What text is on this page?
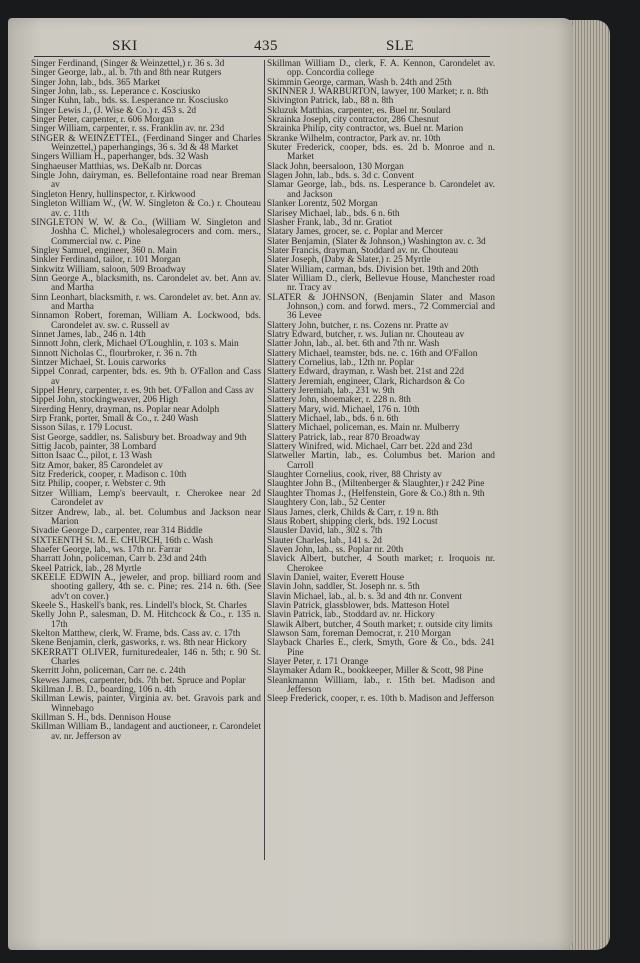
SKI	435	SLE
Singer Ferdinand, (Singer & Weinzettel,) r. 36 s. 3d
Singer George, lab., al. b. 7th and 8th near Rutgers
Singer John, lab., bds. 365 Market
Singer John, lab., ss. Leperance c. Kosciusko
Singer Kuhn, lab., bds. ss. Lesperance nr. Kosciusko
Singer Lewis J., (J. Wise & Co.) r. 453 s. 2d
Singer Peter, carpenter, r. 606 Morgan
Singer William, carpenter, r. ss. Franklin av. nr. 23d
SINGER & WEINZETTEL, (Ferdinand Singer and Charles Weinzettel,) paperhangings, 36 s. 3d & 48 Market
Singers William H., paperhanger, bds. 32 Wash
Singhaeuser Matthias, ws. DeKalb nr. Dorcas
Single John, dairyman, es. Bellefontaine road near Breman av
Singleton Henry, hullinspector, r. Kirkwood
Singleton William W., (W. W. Singleton & Co.) r. Chouteau av. c. 11th
SINGLETON W. W. & Co., (William W. Singleton and Joshha C. Michel,) wholesalegrocers and com. mers., Commercial nw. c. Pine
Singley Samuel, engineer, 360 n. Main
Sinkler Ferdinand, tailor, r. 101 Morgan
Sinkwitz William, saloon, 509 Broadway
Sinn George A., blacksmith, ns. Carondelet av. bet. Ann av. and Martha
Sinn Leonhart, blacksmith, r. ws. Carondelet av. bet. Ann av. and Martha
Sinnamon Robert, foreman, William A. Lockwood, bds. Carondelet av. sw. c. Russell av
Sinnet James, lab., 246 n. 14th
Sinnott John, clerk, Michael O'Loughlin, r. 103 s. Main
Sinnott Nicholas C., flourbroker, r. 36 n. 7th
Sintzer Michael, St. Louis carworks
Sippel Conrad, carpenter, bds. es. 9th b. O'Fallon and Cass av
Sippel Henry, carpenter, r. es. 9th bet. O'Fallon and Cass av
Sippel John, stockingweaver, 206 High
Sirerding Henry, drayman, ns. Poplar near Adolph
Sirp Frank, porter, Small & Co., r. 240 Wash
Sisson Silas, r. 179 Locust.
Sist George, saddler, ns. Salisbury bet. Broadway and 9th
Sittig Jacob, painter, 38 Lombard
Sitton Isaac C., pilot, r. 13 Wash
Sitz Amor, baker, 85 Carondelet av
Sitz Frederick, cooper, r. Madison c. 10th
Sitz Philip, cooper, r. Webster c. 9th
Sitzer William, Lemp's beervault, r. Cherokee near 2d Carondelet av
Sitzer Andrew, lab., al. bet. Columbus and Jackson near Marion
Sivadie George D., carpenter, rear 314 Biddle
SIXTEENTH St. M. E. CHURCH, 16th c. Wash
Shaefer George, lab., ws. 17th nr. Farrar
Sharratt John, policeman, Carr b. 23d and 24th
Skeel Patrick, lab., 28 Myrtle
SKEELE EDWIN A., jeweler, and prop. billiard room and shooting gallery, 4th se. c. Pine; res. 214 n. 6th. (See adv't on cover.)
Skeele S., Haskell's bank, res. Lindell's block, St. Charles
Skelly John P., salesman, D. M. Hitchcock & Co., r. 135 n. 17th
Skelton Matthew, clerk, W. Frame, bds. Cass av. c. 17th
Skene Benjamin, clerk, gasworks, r. ws. 8th near Hickory
SKERRATT OLIVER, furnituredealer, 146 n. 5th; r. 90 St. Charles
Skerritt John, policeman, Carr ne. c. 24th
Skewes James, carpenter, bds. 7th bet. Spruce and Poplar
Skillman J. B. D., boarding, 106 n. 4th
Skillman Lewis, painter, Virginia av. bet. Gravois park and Winnebago
Skillman S. H., bds. Dennison House
Skillman William B., landagent and auctioneer, r. Carondelet av. nr. Jefferson av
Skillman William D., clerk, F. A. Kennon, Carondelet av. opp. Concordia college
Skimmin George, carman, Wash b. 24th and 25th
SKINNER J. WARBURTON, lawyer, 100 Market; r. n. 8th
Skivington Patrick, lab., 88 n. 8th
Skluzuk Matthias, carpenter, es. Buel nr. Soulard
Skrainka Joseph, city contractor, 286 Chesnut
Skrainka Philip, city contractor, ws. Buel nr. Marion
Skranke Wilhelm, contractor, Park av. nr. 10th
Skuter Frederick, cooper, bds. es. 2d b. Monroe and n. Market
Slack John, beersaloon, 130 Morgan
Slagen John, lab., bds. s. 3d c. Convent
Slamar George, lab., bds. ns. Lesperance b. Carondelet av. and Jackson
Slanker Lorentz, 502 Morgan
Slarisey Michael, lab., bds. 6 n. 6th
Slasher Frank, lab., 3d nr. Gratiot
Slatary James, grocer, se. c. Poplar and Mercer
Slater Benjamin, (Slater & Johnson,) Washington av. c. 3d
Slater Francis, drayman, Stoddard av. nr. Chouteau
Slater Joseph, (Daby & Slater,) r. 25 Myrtle
Slater William, carman, bds. Division bet. 19th and 20th
Slater William D., clerk, Bellevue House, Manchester road nr. Tracy av
SLATER & JOHNSON, (Benjamin Slater and Mason Johnson,) com. and forwd. mers., 72 Commercial and 36 Levee
Slattery John, butcher, r. ns. Cozens nr. Pratte av
Slatry Edward, butcher, r. ws. Julian nr. Chouteau av
Slatter John, lab., al. bet. 6th and 7th nr. Wash
Slattery Michael, teamster, bds. ne. c. 16th and O'Fallon
Slattery Cornelius, lab., 12th nr. Poplar
Slattery Edward, drayman, r. Wash bet. 21st and 22d
Slattery Jeremiah, engineer, Clark, Richardson & Co
Slattery Jeremiah, lab., 231 w. 9th
Slattery John, shoemaker, r. 228 n. 8th
Slattery Mary, wid. Michael, 176 n. 10th
Slattery Michael, lab., bds. 6 n. 6th
Slattery Michael, policeman, es. Main nr. Mulberry
Slattery Patrick, lab., rear 870 Broadway
Slattery Winifred, wid. Michael, Carr bet. 22d and 23d
Slatweller Martin, lab., es. Columbus bet. Marion and Carroll
Slaughter Cornelius, cook, river, 88 Christy av
Slaughter John B., (Miltenberger & Slaughter,) r 242 Pine
Slaughter Thomas J., (Helfenstein, Gore & Co.) 8th n. 9th
Slaughtery Con, lab., 52 Center
Slaus James, clerk, Childs & Carr, r. 19 n. 8th
Slaus Robert, shipping clerk, bds. 192 Locust
Slausler David, lab., 302 s. 7th
Slauter Charles, lab., 141 s. 2d
Slaven John, lab., ss. Poplar nr. 20th
Slavick Albert, butcher, 4 South market; r. Iroquois nr. Cherokee
Slavin Daniel, waiter, Everett House
Slavin John, saddler, St. Joseph nr. s. 5th
Slavin Michael, lab., al. b. s. 3d and 4th nr. Convent
Slavin Patrick, glassblower, bds. Matteson Hotel
Slavin Patrick, lab., Stoddard av. nr. Hickory
Slawik Albert, butcher, 4 South market; r. outside city limits
Slawson Sam, foreman Democrat, r. 210 Morgan
Slayback Charles E., clerk, Smyth, Gore & Co., bds. 241 Pine
Slayer Peter, r. 171 Orange
Slaymaker Adam R., bookkeeper, Miller & Scott, 98 Pine
Sleankmannn William, lab., r. 15th bet. Madison and Jefferson
Sleep Frederick, cooper, r. es. 10th b. Madison and Jefferson
